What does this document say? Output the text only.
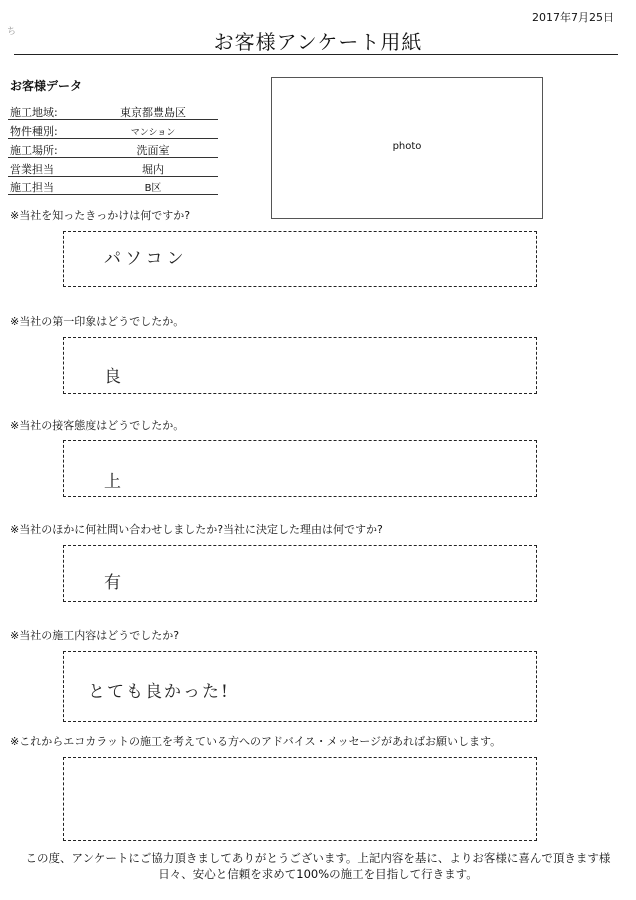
ち
2017年7月25日
お客様アンケート用紙
お客様データ
施工地域:	東京都豊島区
物件種別:	マンション
施工場所:	洗面室
営業担当	堀内
施工担当	B区
photo
※当社を知ったきっかけは何ですか?
パソコン
※当社の第一印象はどうでしたか。
良
※当社の接客態度はどうでしたか。
上
※当社のほかに何社問い合わせしましたか?当社に決定した理由は何ですか?
有
※当社の施工内容はどうでしたか?
とても良かった!
※これからエコカラットの施工を考えている方へのアドバイス・メッセージがあればお願いします。
この度、アンケートにご協力頂きましてありがとうございます。上記内容を基に、よりお客様に喜んで頂きます様
日々、安心と信頼を求めて100%の施工を目指して行きます。
